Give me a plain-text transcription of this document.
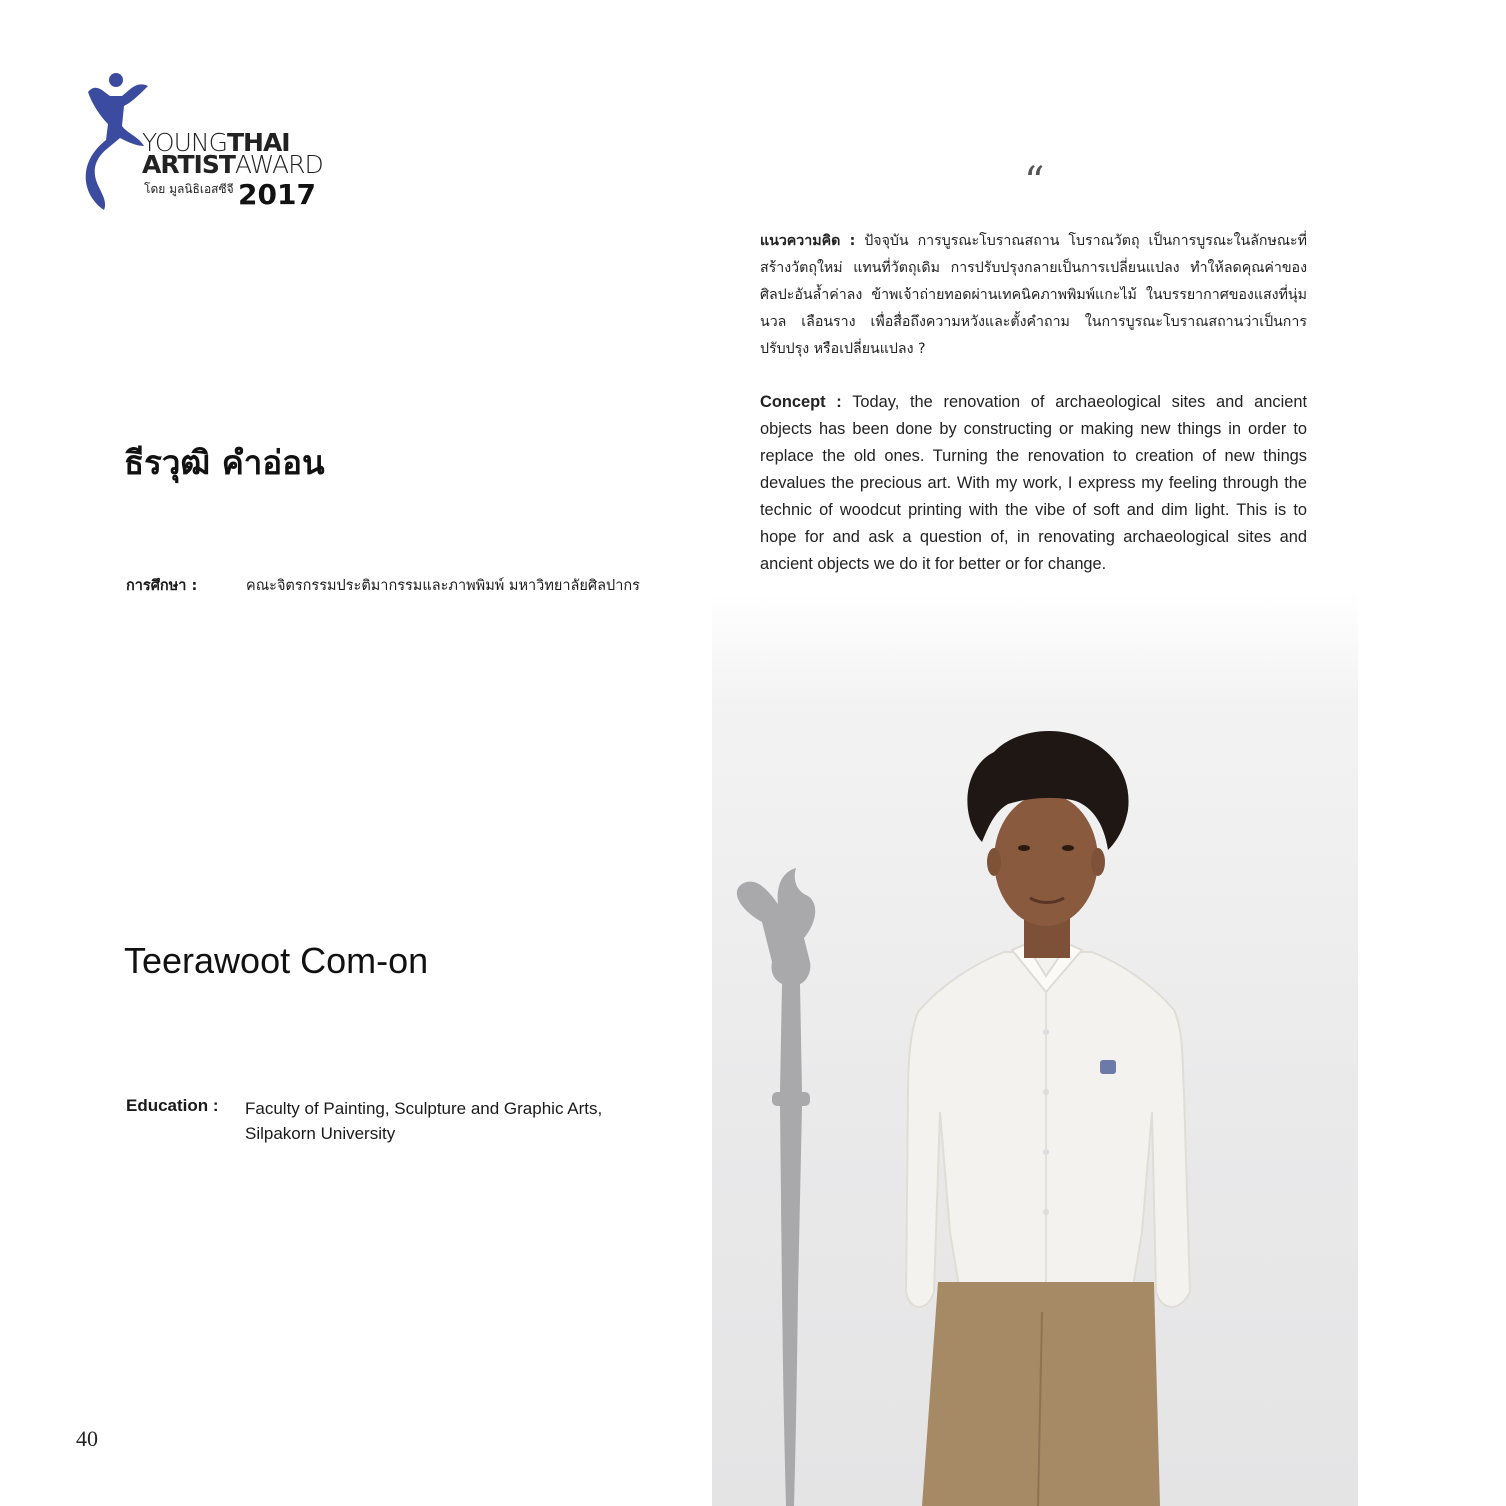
YOUNGTHAI
ARTISTAWARD
โดย มูลนิธิเอสซีจี 2017	“
แนวความคิด : ปัจจุบัน การบูรณะโบราณสถาน โบราณวัตถุ เป็นการบูรณะในลักษณะที่สร้างวัตถุใหม่ แทนที่วัตถุเดิม การปรับปรุงกลายเป็นการเปลี่ยนแปลง ทำให้ลดคุณค่าของศิลปะอันล้ำค่าลง ข้าพเจ้าถ่ายทอดผ่านเทคนิคภาพพิมพ์แกะไม้ ในบรรยากาศของแสงที่นุ่มนวล เลือนราง เพื่อสื่อถึงความหวังและตั้งคำถาม ในการบูรณะโบราณสถานว่าเป็นการปรับปรุง หรือเปลี่ยนแปลง ?
Concept : Today, the renovation of archaeological sites and ancient objects has been done by constructing or making new things in order to replace the old ones. Turning the renovation to creation of new things devalues the precious art. With my work, I express my feeling through the technic of woodcut printing with the vibe of soft and dim light. This is to hope for and ask a question of, in renovating archaeological sites and ancient objects we do it for better or for change.
ธีรวุฒิ คำอ่อน
Teerawoot Com-on
การศึกษา :	คณะจิตรกรรมประติมากรรมและภาพพิมพ์ มหาวิทยาลัยศิลปากร
Education : Faculty of Painting, Sculpture and Graphic Arts,
Silpakorn University
40
